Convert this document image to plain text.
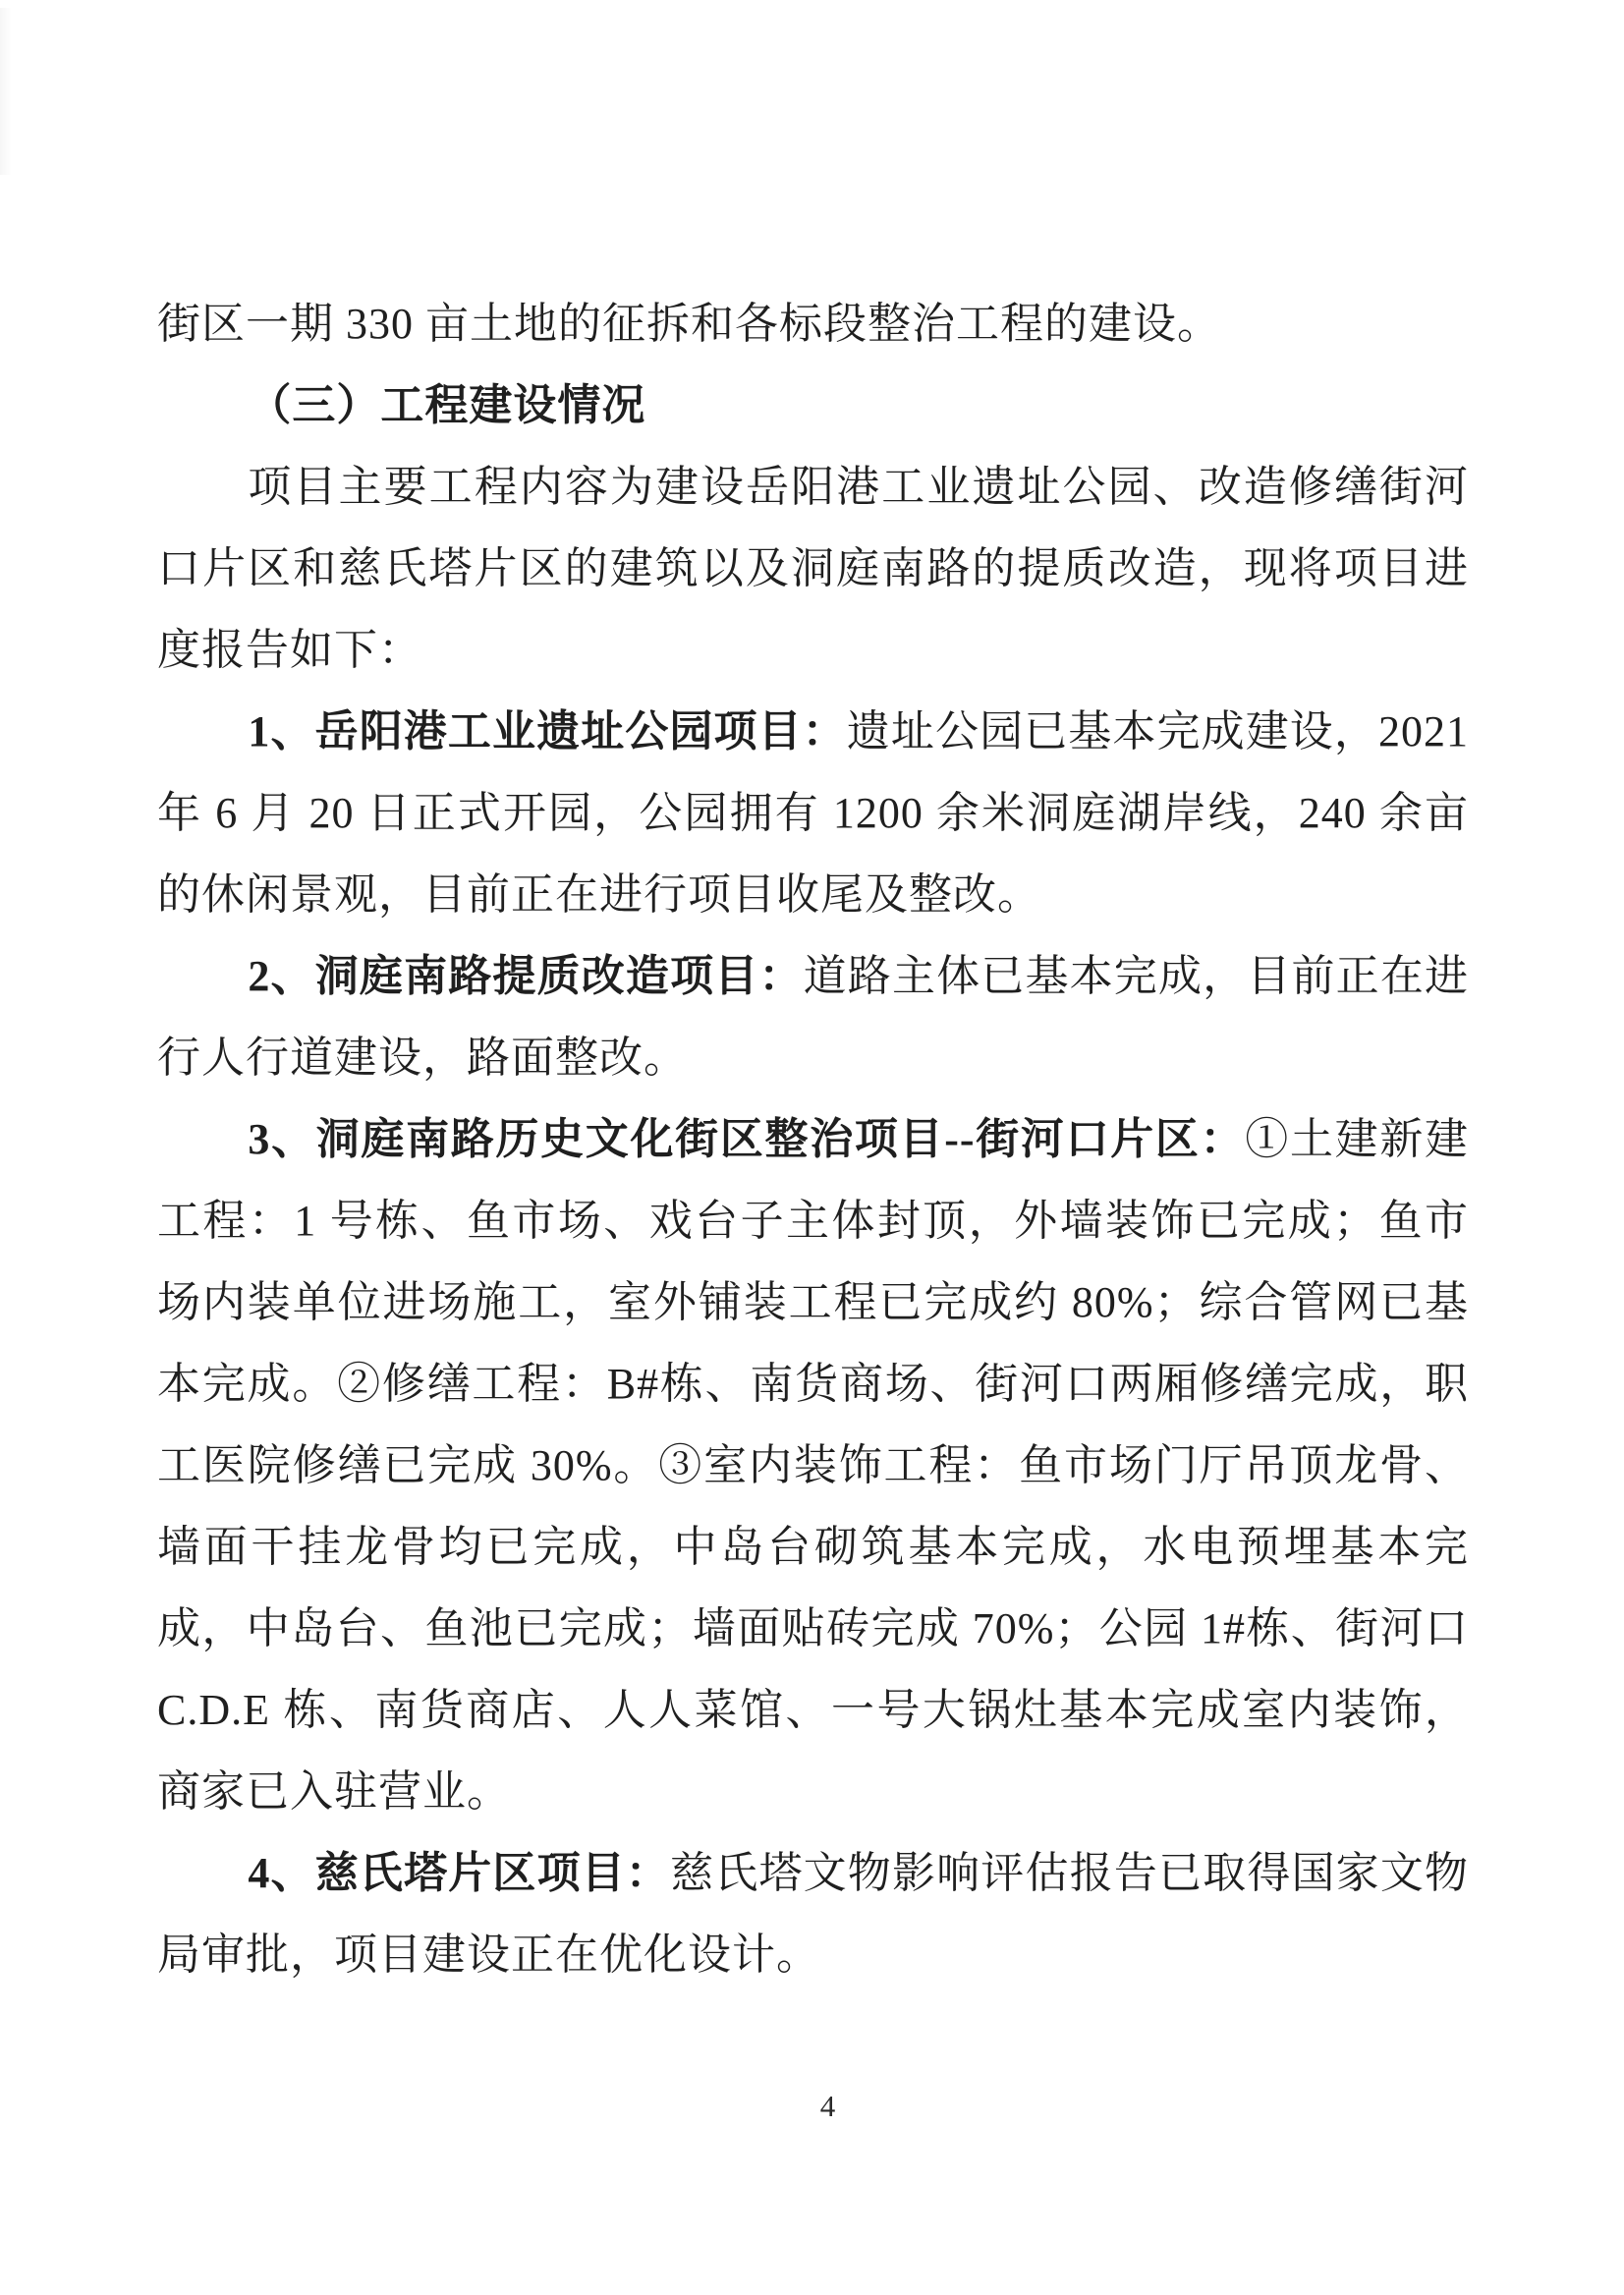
街区一期 330 亩土地的征拆和各标段整治工程的建设。

（三）工程建设情况

项目主要工程内容为建设岳阳港工业遗址公园、改造修缮街河口片区和慈氏塔片区的建筑以及洞庭南路的提质改造，现将项目进度报告如下：

1、岳阳港工业遗址公园项目：遗址公园已基本完成建设，2021 年 6 月 20 日正式开园，公园拥有 1200 余米洞庭湖岸线，240 余亩的休闲景观，目前正在进行项目收尾及整改。

2、洞庭南路提质改造项目：道路主体已基本完成，目前正在进行人行道建设，路面整改。

3、洞庭南路历史文化街区整治项目--街河口片区：①土建新建工程：1 号栋、鱼市场、戏台子主体封顶，外墙装饰已完成；鱼市场内装单位进场施工，室外铺装工程已完成约 80%；综合管网已基本完成。②修缮工程：B#栋、南货商场、街河口两厢修缮完成，职工医院修缮已完成 30%。③室内装饰工程：鱼市场门厅吊顶龙骨、墙面干挂龙骨均已完成，中岛台砌筑基本完成，水电预埋基本完成，中岛台、鱼池已完成；墙面贴砖完成 70%；公园 1#栋、街河口 C.D.E 栋、南货商店、人人菜馆、一号大锅灶基本完成室内装饰，商家已入驻营业。

4、慈氏塔片区项目：慈氏塔文物影响评估报告已取得国家文物局审批，项目建设正在优化设计。

4
